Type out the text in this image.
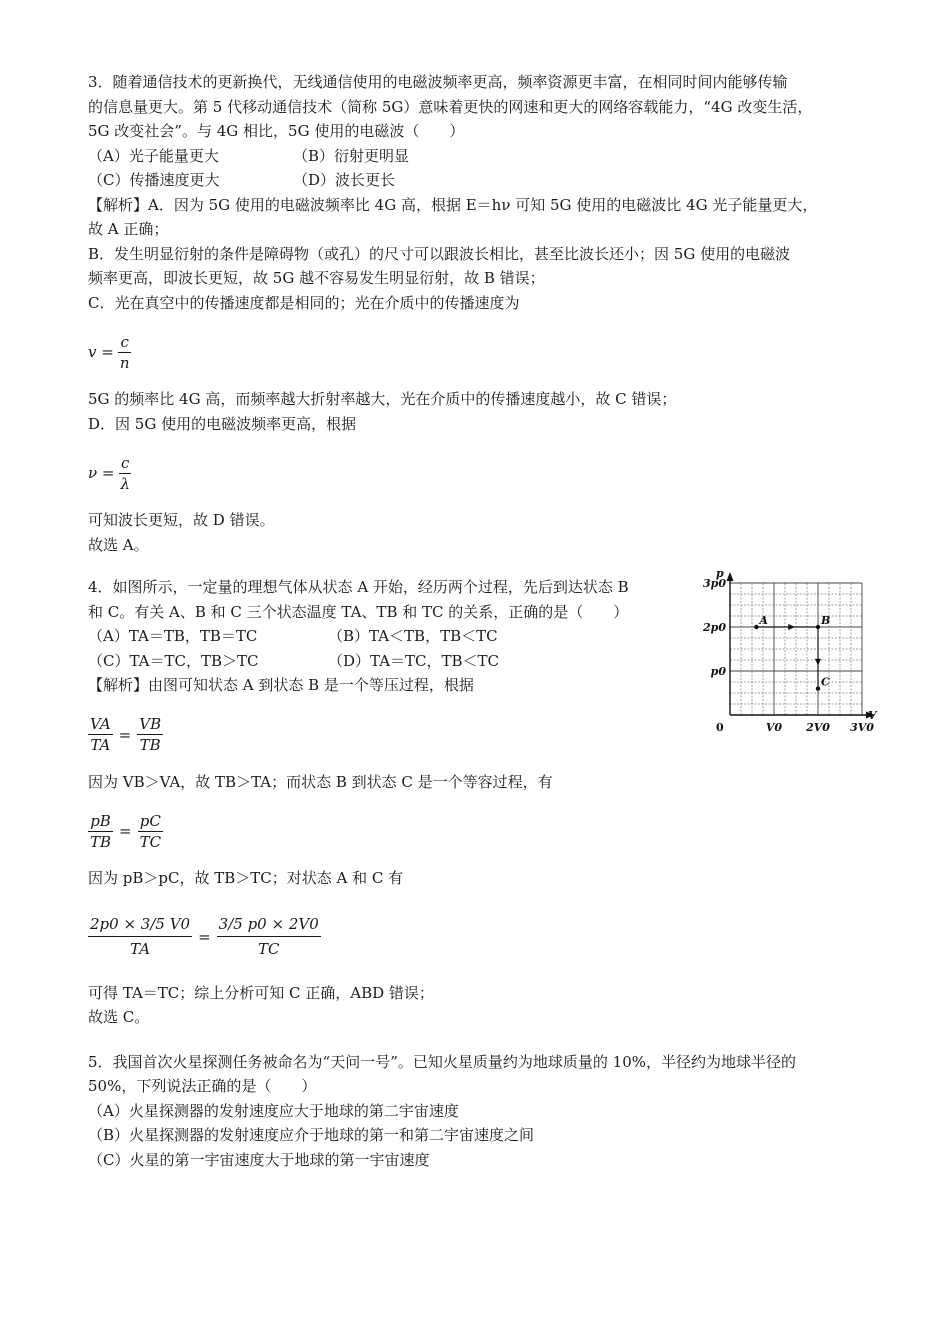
3．随着通信技术的更新换代，无线通信使用的电磁波频率更高，频率资源更丰富，在相同时间内能够传输

的信息量更大。第 5 代移动通信技术（简称 5G）意味着更快的网速和更大的网络容载能力，“4G 改变生活，

5G 改变社会”。与 4G 相比，5G 使用的电磁波（　　）

（A）光子能量更大	（B）衍射更明显
（C）传播速度更大	（D）波长更长

【解析】A．因为 5G 使用的电磁波频率比 4G 高，根据 E＝hν 可知 5G 使用的电磁波比 4G 光子能量更大，

故 A 正确；

B．发生明显衍射的条件是障碍物（或孔）的尺寸可以跟波长相比，甚至比波长还小；因 5G 使用的电磁波

频率更高，即波长更短，故 5G 越不容易发生明显衍射，故 B 错误；

C．光在真空中的传播速度都是相同的；光在介质中的传播速度为

$v = \frac{c}{n}$

5G 的频率比 4G 高，而频率越大折射率越大，光在介质中的传播速度越小，故 C 错误；

D．因 5G 使用的电磁波频率更高，根据

$\nu = \frac{c}{\lambda}$

可知波长更短，故 D 错误。

故选 A。

4．如图所示，一定量的理想气体从状态 A 开始，经历两个过程，先后到达状态 B

和 C。有关 A、B 和 C 三个状态温度 TA、TB 和 TC 的关系，正确的是（　　）

（A）TA＝TB，TB＝TC	（B）TA＜TB，TB＜TC
（C）TA＝TC，TB＞TC	（D）TA＝TC，TB＜TC

【解析】由图可知状态 A 到状态 B 是一个等压过程，根据

p
V
0
3p0
2p0
p0
V0 2V0 3V0
A	B
C
$\frac{VA}{TA} = \frac{VB}{TB}$

因为 VB＞VA，故 TB＞TA；而状态 B 到状态 C 是一个等容过程，有

$\frac{pB}{TB} = \frac{pC}{TC}$

因为 pB＞pC，故 TB＞TC；对状态 A 和 C 有

$\frac{2p0 \times 3/5 V0}{TA} = \frac{3/5 p0 \times 2V0}{TC}$

可得 TA＝TC；综上分析可知 C 正确，ABD 错误；

故选 C。

5．我国首次火星探测任务被命名为“天问一号”。已知火星质量约为地球质量的 10%，半径约为地球半径的

50%，下列说法正确的是（　　）

（A）火星探测器的发射速度应大于地球的第二宇宙速度

（B）火星探测器的发射速度应介于地球的第一和第二宇宙速度之间

（C）火星的第一宇宙速度大于地球的第一宇宙速度
